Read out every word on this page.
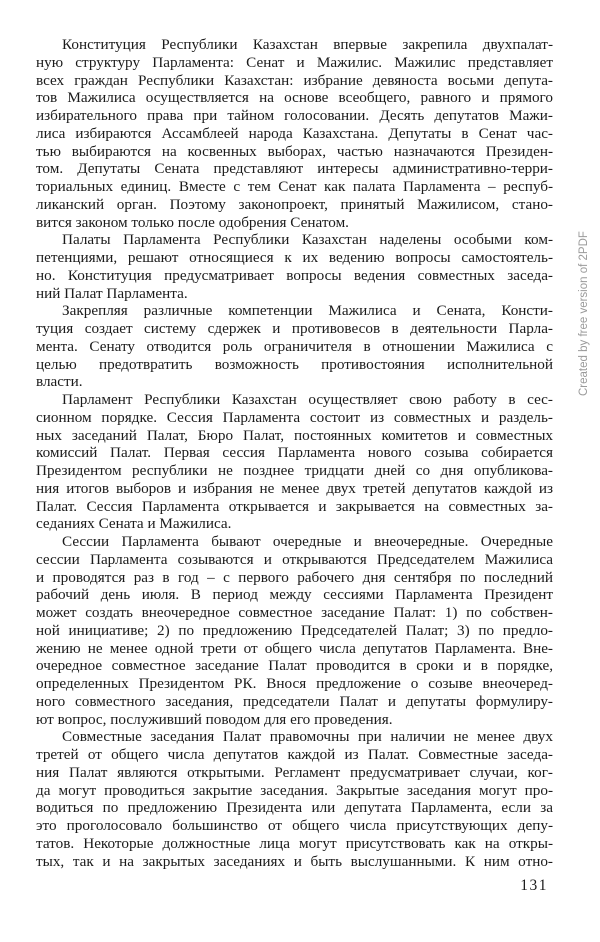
Конституция Республики Казахстан впервые закрепила двухпалат-
ную структуру Парламента: Сенат и Мажилис. Мажилис представляет
всех граждан Республики Казахстан: избрание девяноста восьми депута-
тов Мажилиса осуществляется на основе всеобщего, равного и прямого
избирательного права при тайном голосовании. Десять депутатов Мажи-
лиса избираются Ассамблеей народа Казахстана. Депутаты в Сенат час-
тью выбираются на косвенных выборах, частью назначаются Президен-
том. Депутаты Сената представляют интересы административно-терри-
ториальных единиц. Вместе с тем Сенат как палата Парламента – респуб-
ликанский орган. Поэтому законопроект, принятый Мажилисом, стано-
вится законом только после одобрения Сенатом.
Палаты Парламента Республики Казахстан наделены особыми ком-
петенциями, решают относящиеся к их ведению вопросы самостоятель-
но. Конституция предусматривает вопросы ведения совместных заседа-
ний Палат Парламента.
Закрепляя различные компетенции Мажилиса и Сената, Консти-
туция создает систему сдержек и противовесов в деятельности Парла-
мента. Сенату отводится роль ограничителя в отношении Мажилиса с
целью предотвратить возможность противостояния исполнительной
власти.
Парламент Республики Казахстан осуществляет свою работу в сес-
сионном порядке. Сессия Парламента состоит из совместных и раздель-
ных заседаний Палат, Бюро Палат, постоянных комитетов и совместных
комиссий Палат. Первая сессия Парламента нового созыва собирается
Президентом республики не позднее тридцати дней со дня опубликова-
ния итогов выборов и избрания не менее двух третей депутатов каждой из
Палат. Сессия Парламента открывается и закрывается на совместных за-
седаниях Сената и Мажилиса.
Сессии Парламента бывают очередные и внеочередные. Очередные
сессии Парламента созываются и открываются Председателем Мажилиса
и проводятся раз в год – с первого рабочего дня сентября по последний
рабочий день июля. В период между сессиями Парламента Президент
может создать внеочередное совместное заседание Палат: 1) по собствен-
ной инициативе; 2) по предложению Председателей Палат; 3) по предло-
жению не менее одной трети от общего числа депутатов Парламента. Вне-
очередное совместное заседание Палат проводится в сроки и в порядке,
определенных Президентом РК. Внося предложение о созыве внеочеред-
ного совместного заседания, председатели Палат и депутаты формулиру-
ют вопрос, послуживший поводом для его проведения.
Совместные заседания Палат правомочны при наличии не менее двух
третей от общего числа депутатов каждой из Палат. Совместные заседа-
ния Палат являются открытыми. Регламент предусматривает случаи, ког-
да могут проводиться закрытие заседания. Закрытые заседания могут про-
водиться по предложению Президента или депутата Парламента, если за
это проголосовало большинство от общего числа присутствующих депу-
татов. Некоторые должностные лица могут присутствовать как на откры-
тых, так и на закрытых заседаниях и быть выслушанными. К ним отно-
131
Created by free version of 2PDF
